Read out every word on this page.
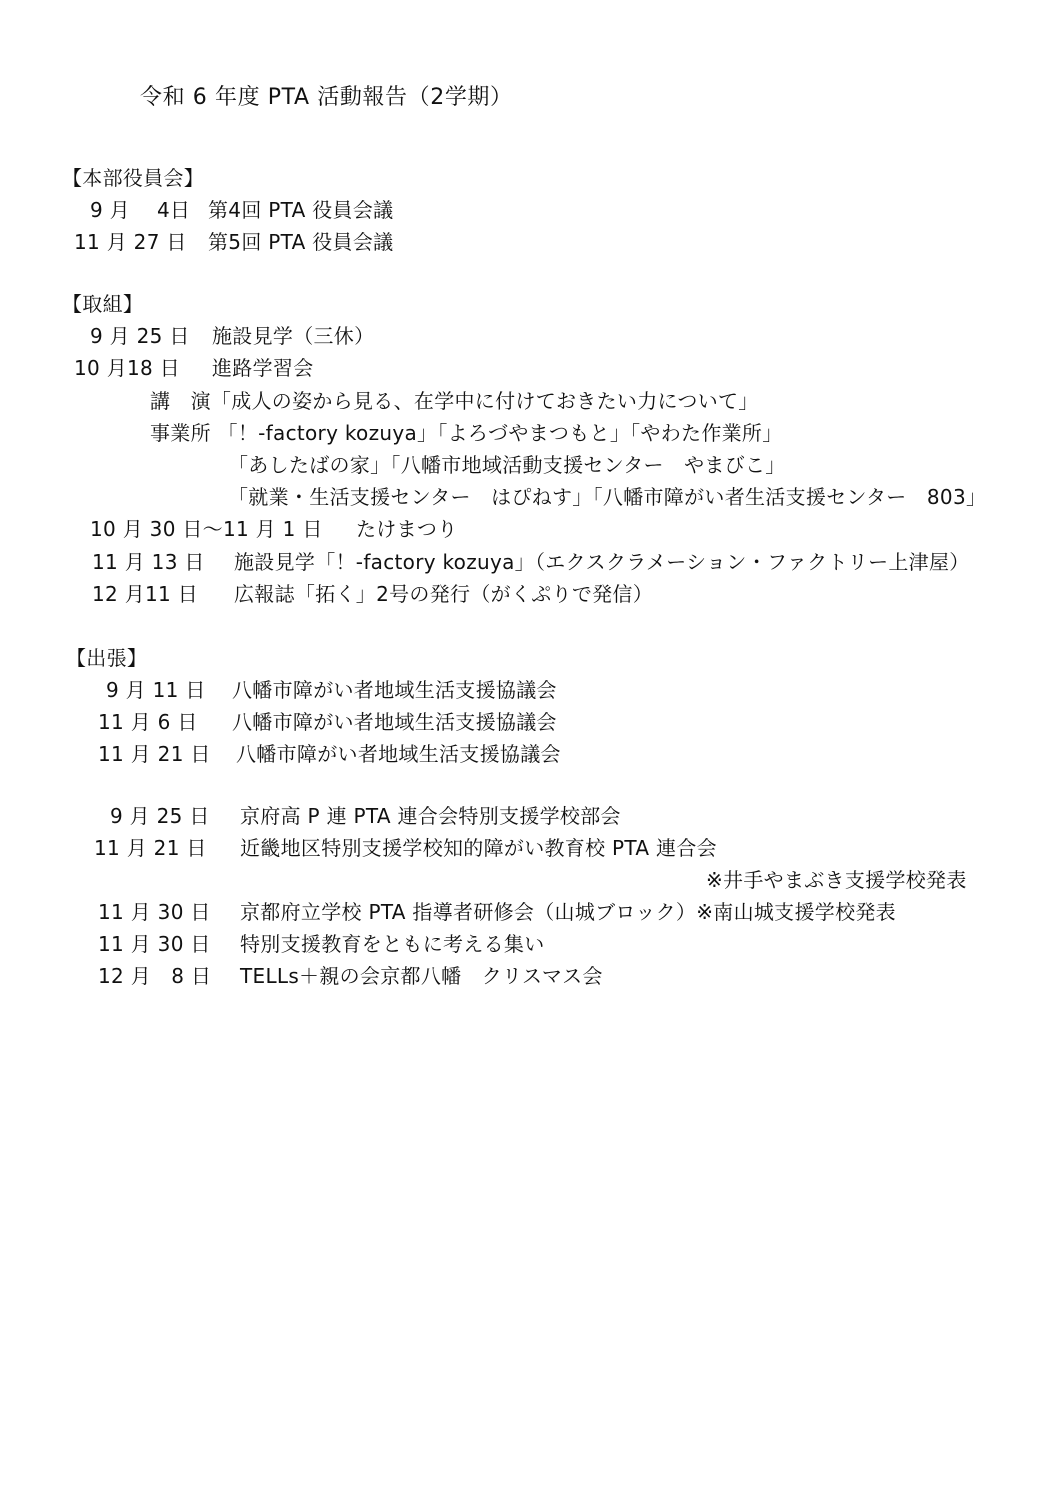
令和 6 年度 PTA 活動報告（2学期）
【本部役員会】
9 月　 4日 第4回 PTA 役員会議
11 月 27 日 第5回 PTA 役員会議
【取組】
9 月 25 日 施設見学（三休）
10 月18 日 進路学習会
講　演「成人の姿から見る、在学中に付けておきたい力について」
事業所 「！-factory kozuya」「よろづやまつもと」「やわた作業所」
「あしたばの家」「八幡市地域活動支援センター　やまびこ」
「就業・生活支援センター　はぴねす」「八幡市障がい者生活支援センター　803」
10 月 30 日～11 月 1 日 たけまつり
11 月 13 日 施設見学「！-factory kozuya」（エクスクラメーション・ファクトリー上津屋）
12 月11 日 広報誌「拓く」2号の発行（がくぷりで発信）
【出張】
9 月 11 日 八幡市障がい者地域生活支援協議会
11 月 6 日 八幡市障がい者地域生活支援協議会
11 月 21 日 八幡市障がい者地域生活支援協議会
9 月 25 日 京府高 P 連 PTA 連合会特別支援学校部会
11 月 21 日 近畿地区特別支援学校知的障がい教育校 PTA 連合会
※井手やまぶき支援学校発表
11 月 30 日 京都府立学校 PTA 指導者研修会（山城ブロック）※南山城支援学校発表
11 月 30 日 特別支援教育をともに考える集い
12 月　8 日 TELLs＋親の会京都八幡　クリスマス会
